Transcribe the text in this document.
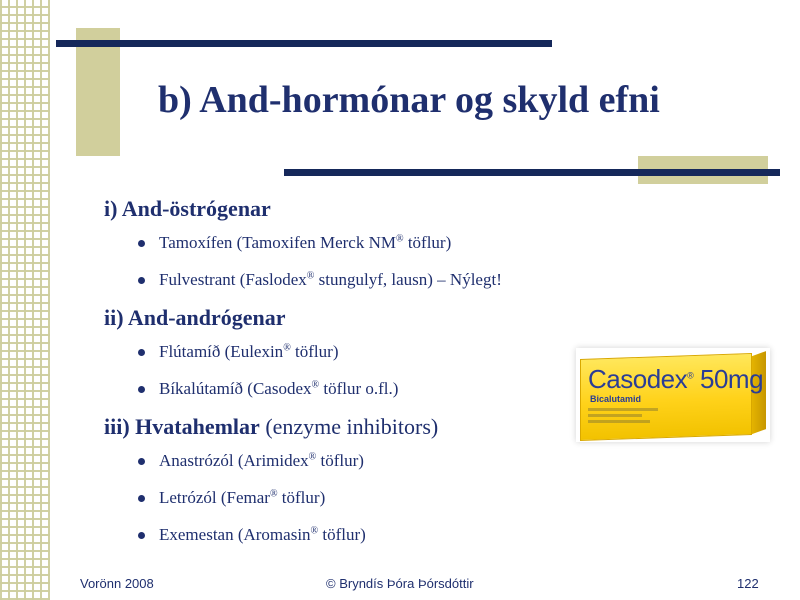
b) And-hormónar og skyld efni
i) And-östrógenar
Tamoxífen (Tamoxifen Merck NM® töflur)
Fulvestrant (Faslodex® stungulyf, lausn) – Nýlegt!
ii) And-andrógenar
Flútamíð (Eulexin® töflur)
Bíkalútamíð (Casodex® töflur o.fl.)
iii) Hvatahemlar (enzyme inhibitors)
Anastrózól (Arimidex® töflur)
Letrózól (Femar® töflur)
Exemestan (Aromasin® töflur)
Casodex® 50mg
Bicalutamid
Vorönn 2008	© Bryndís Þóra Þórsdóttir	122
